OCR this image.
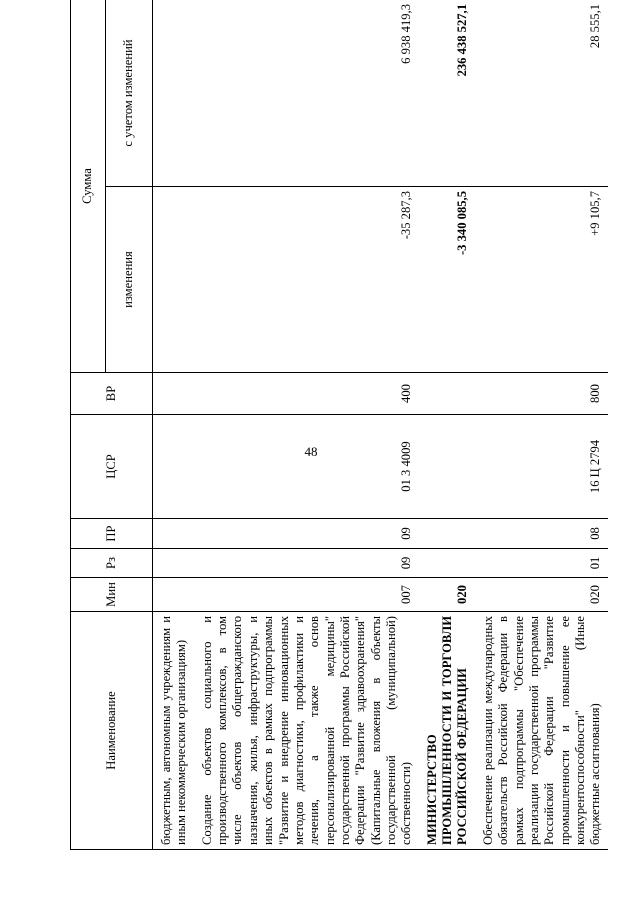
48
Наименование	Мин	Рз	ПР	ЦСР	ВР	Сумма	
						изменения	с учетом изменений
бюджетным, автономным учреждениям и иным некоммерческим организациям)							
Создание объектов социального и производственного комплексов, в том числе объектов общегражданского назначения, жилья, инфраструктуры, и иных объектов в рамках подпрограммы "Развитие и внедрение инновационных методов диагностики, профилактики и лечения, а также основ персонализированной медицины" государственной программы Российской Федерации "Развитие здравоохранения" (Капитальные вложения в объекты государственной (муниципальной) собственности)	007	09	09	01 3 4009	400	-35 287,3	6 938 419,3
МИНИСТЕРСТВО ПРОМЫШЛЕННОСТИ И ТОРГОВЛИ РОССИЙСКОЙ ФЕДЕРАЦИИ	020					-3 340 085,5	236 438 527,1
Обеспечение реализации международных обязательств Российской Федерации в рамках подпрограммы "Обеспечение реализации государственной программы Российской Федерации "Развитие промышленности и повышение ее конкурентоспособности" (Иные бюджетные ассигнования)	020	01	08	16 Ц 2794	800	+9 105,7	28 555,1
